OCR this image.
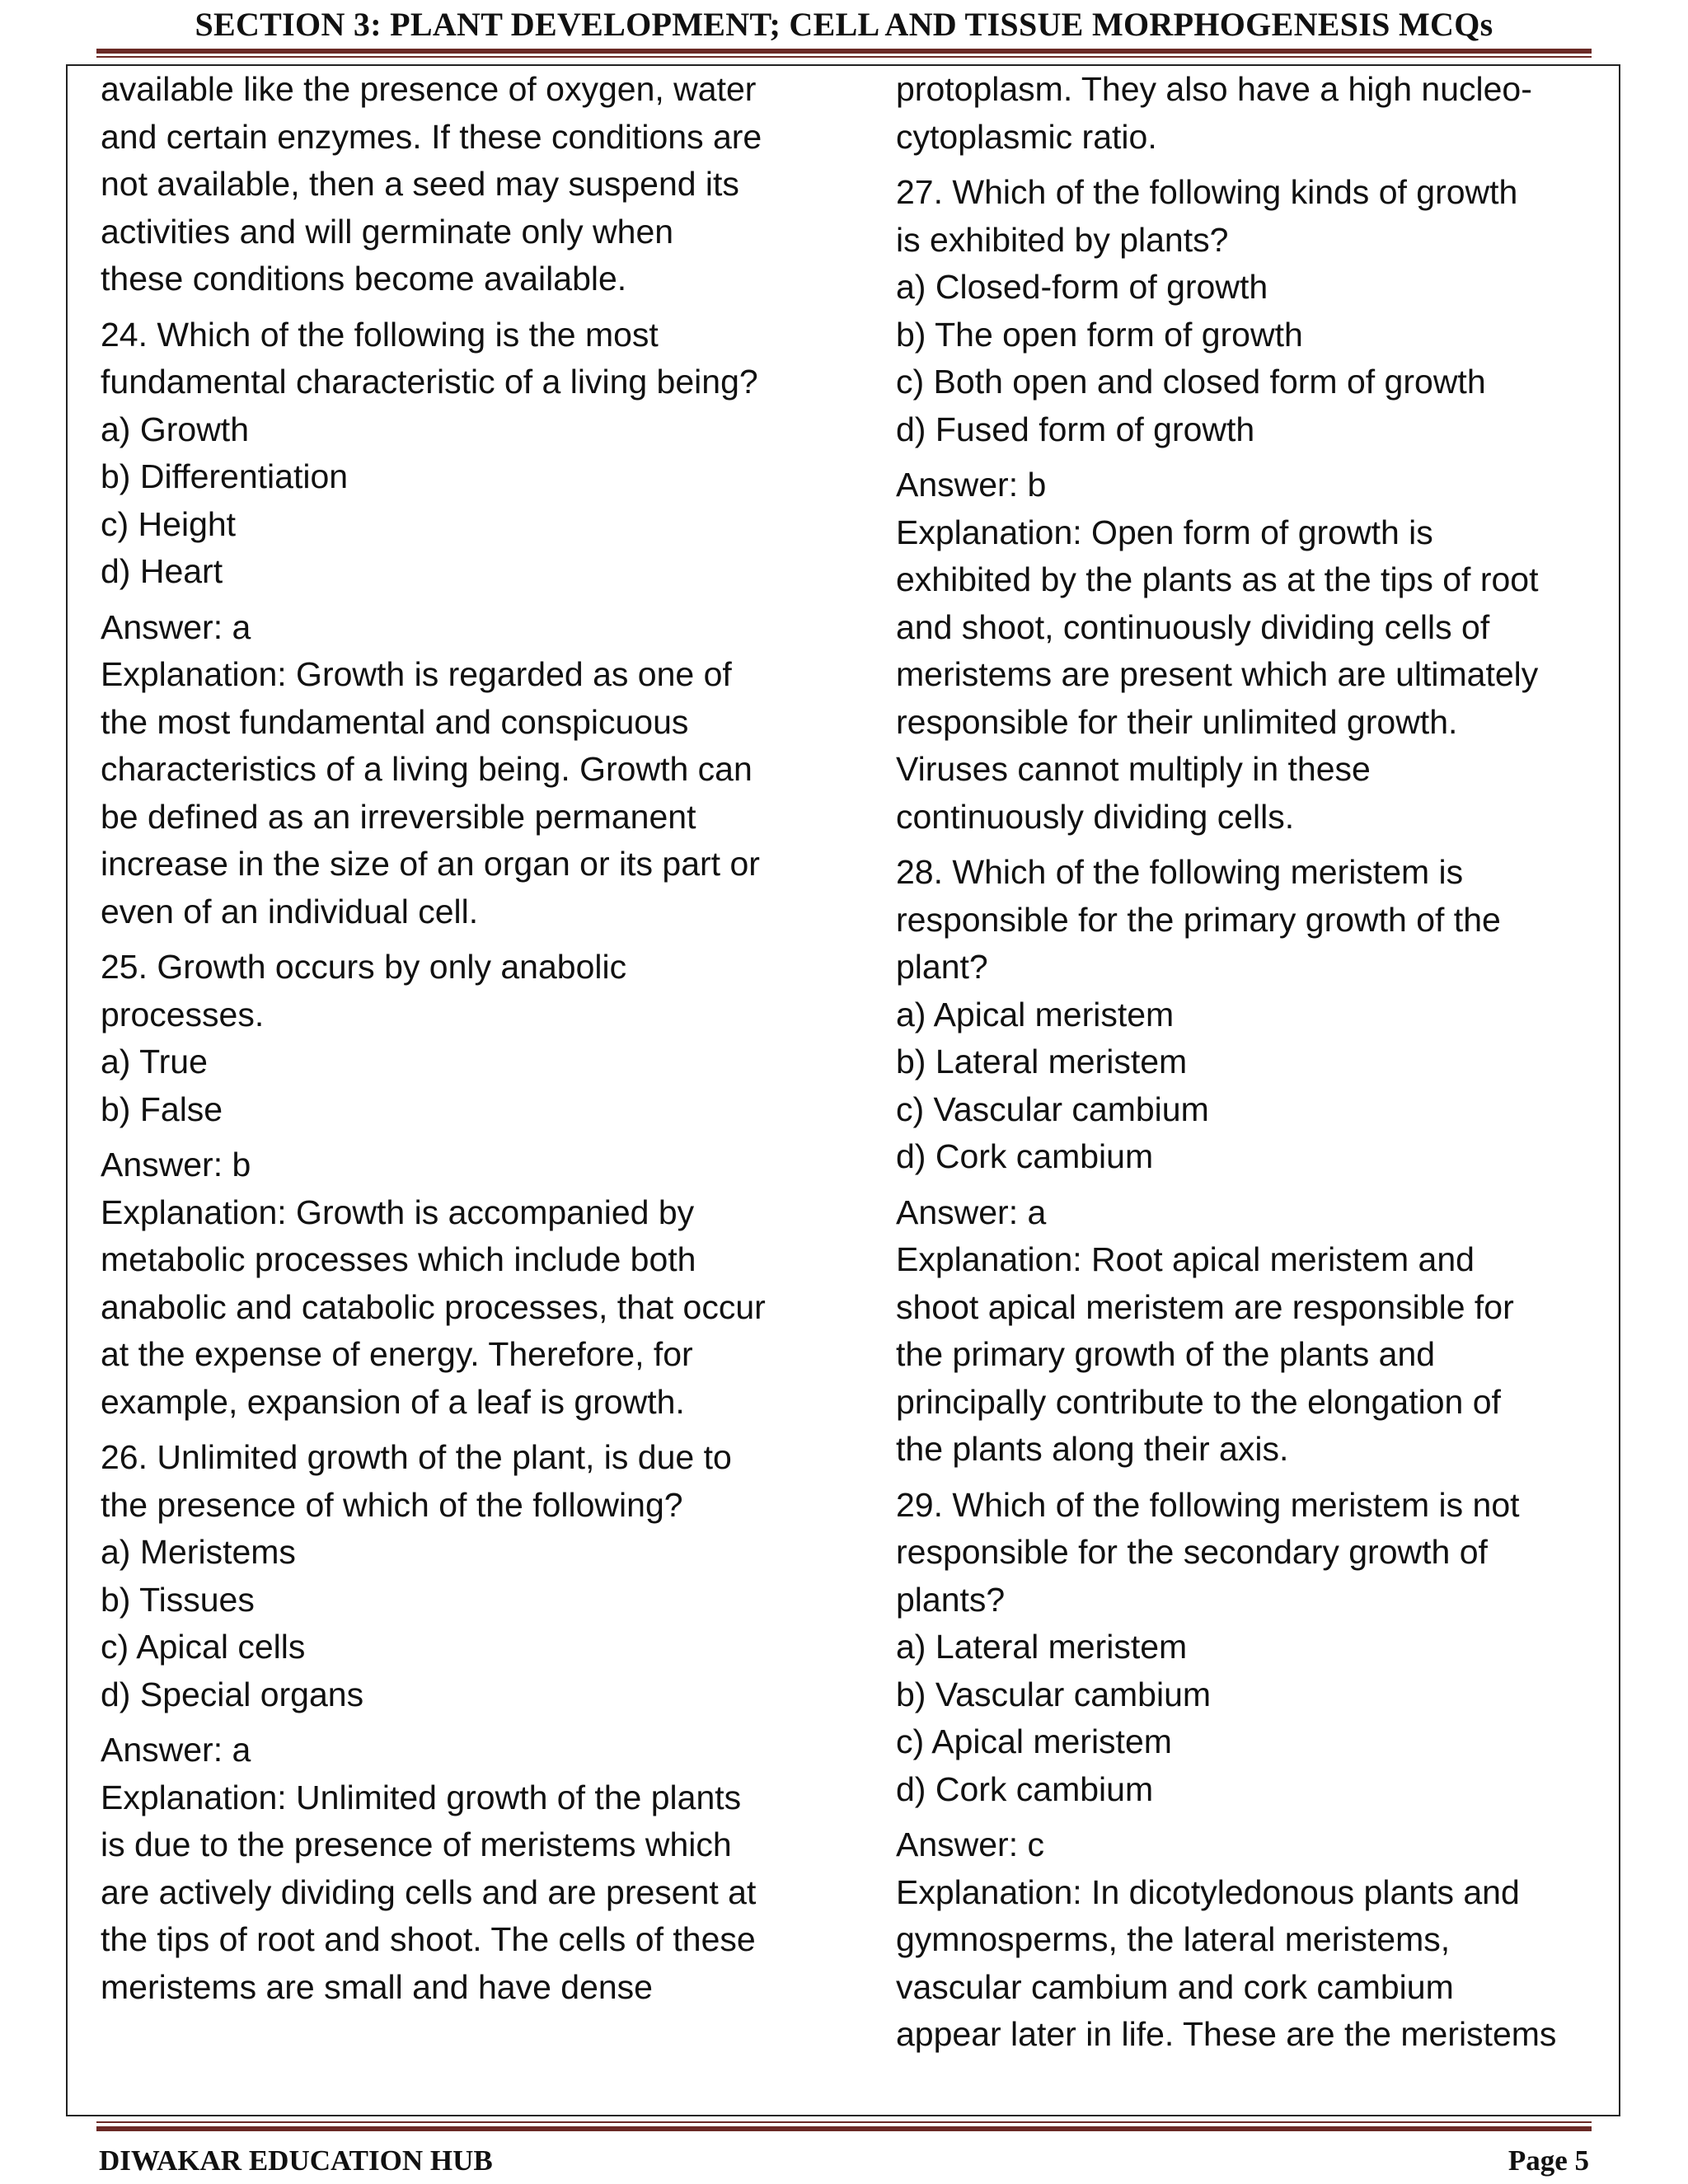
SECTION 3: PLANT DEVELOPMENT; CELL AND TISSUE MORPHOGENESIS MCQs
available like the presence of oxygen, water
and certain enzymes. If these conditions are
not available, then a seed may suspend its
activities and will germinate only when
these conditions become available.
24. Which of the following is the most
fundamental characteristic of a living being?
a) Growth
b) Differentiation
c) Height
d) Heart
Answer: a
Explanation: Growth is regarded as one of
the most fundamental and conspicuous
characteristics of a living being. Growth can
be defined as an irreversible permanent
increase in the size of an organ or its part or
even of an individual cell.
25. Growth occurs by only anabolic
processes.
a) True
b) False
Answer: b
Explanation: Growth is accompanied by
metabolic processes which include both
anabolic and catabolic processes, that occur
at the expense of energy. Therefore, for
example, expansion of a leaf is growth.
26. Unlimited growth of the plant, is due to
the presence of which of the following?
a) Meristems
b) Tissues
c) Apical cells
d) Special organs
Answer: a
Explanation: Unlimited growth of the plants
is due to the presence of meristems which
are actively dividing cells and are present at
the tips of root and shoot. The cells of these
meristems are small and have dense
protoplasm. They also have a high nucleo-
cytoplasmic ratio.
27. Which of the following kinds of growth
is exhibited by plants?
a) Closed-form of growth
b) The open form of growth
c) Both open and closed form of growth
d) Fused form of growth
Answer: b
Explanation: Open form of growth is
exhibited by the plants as at the tips of root
and shoot, continuously dividing cells of
meristems are present which are ultimately
responsible for their unlimited growth.
Viruses cannot multiply in these
continuously dividing cells.
28. Which of the following meristem is
responsible for the primary growth of the
plant?
a) Apical meristem
b) Lateral meristem
c) Vascular cambium
d) Cork cambium
Answer: a
Explanation: Root apical meristem and
shoot apical meristem are responsible for
the primary growth of the plants and
principally contribute to the elongation of
the plants along their axis.
29. Which of the following meristem is not
responsible for the secondary growth of
plants?
a) Lateral meristem
b) Vascular cambium
c) Apical meristem
d) Cork cambium
Answer: c
Explanation: In dicotyledonous plants and
gymnosperms, the lateral meristems,
vascular cambium and cork cambium
appear later in life. These are the meristems
DIWAKAR EDUCATION HUB	Page 5
